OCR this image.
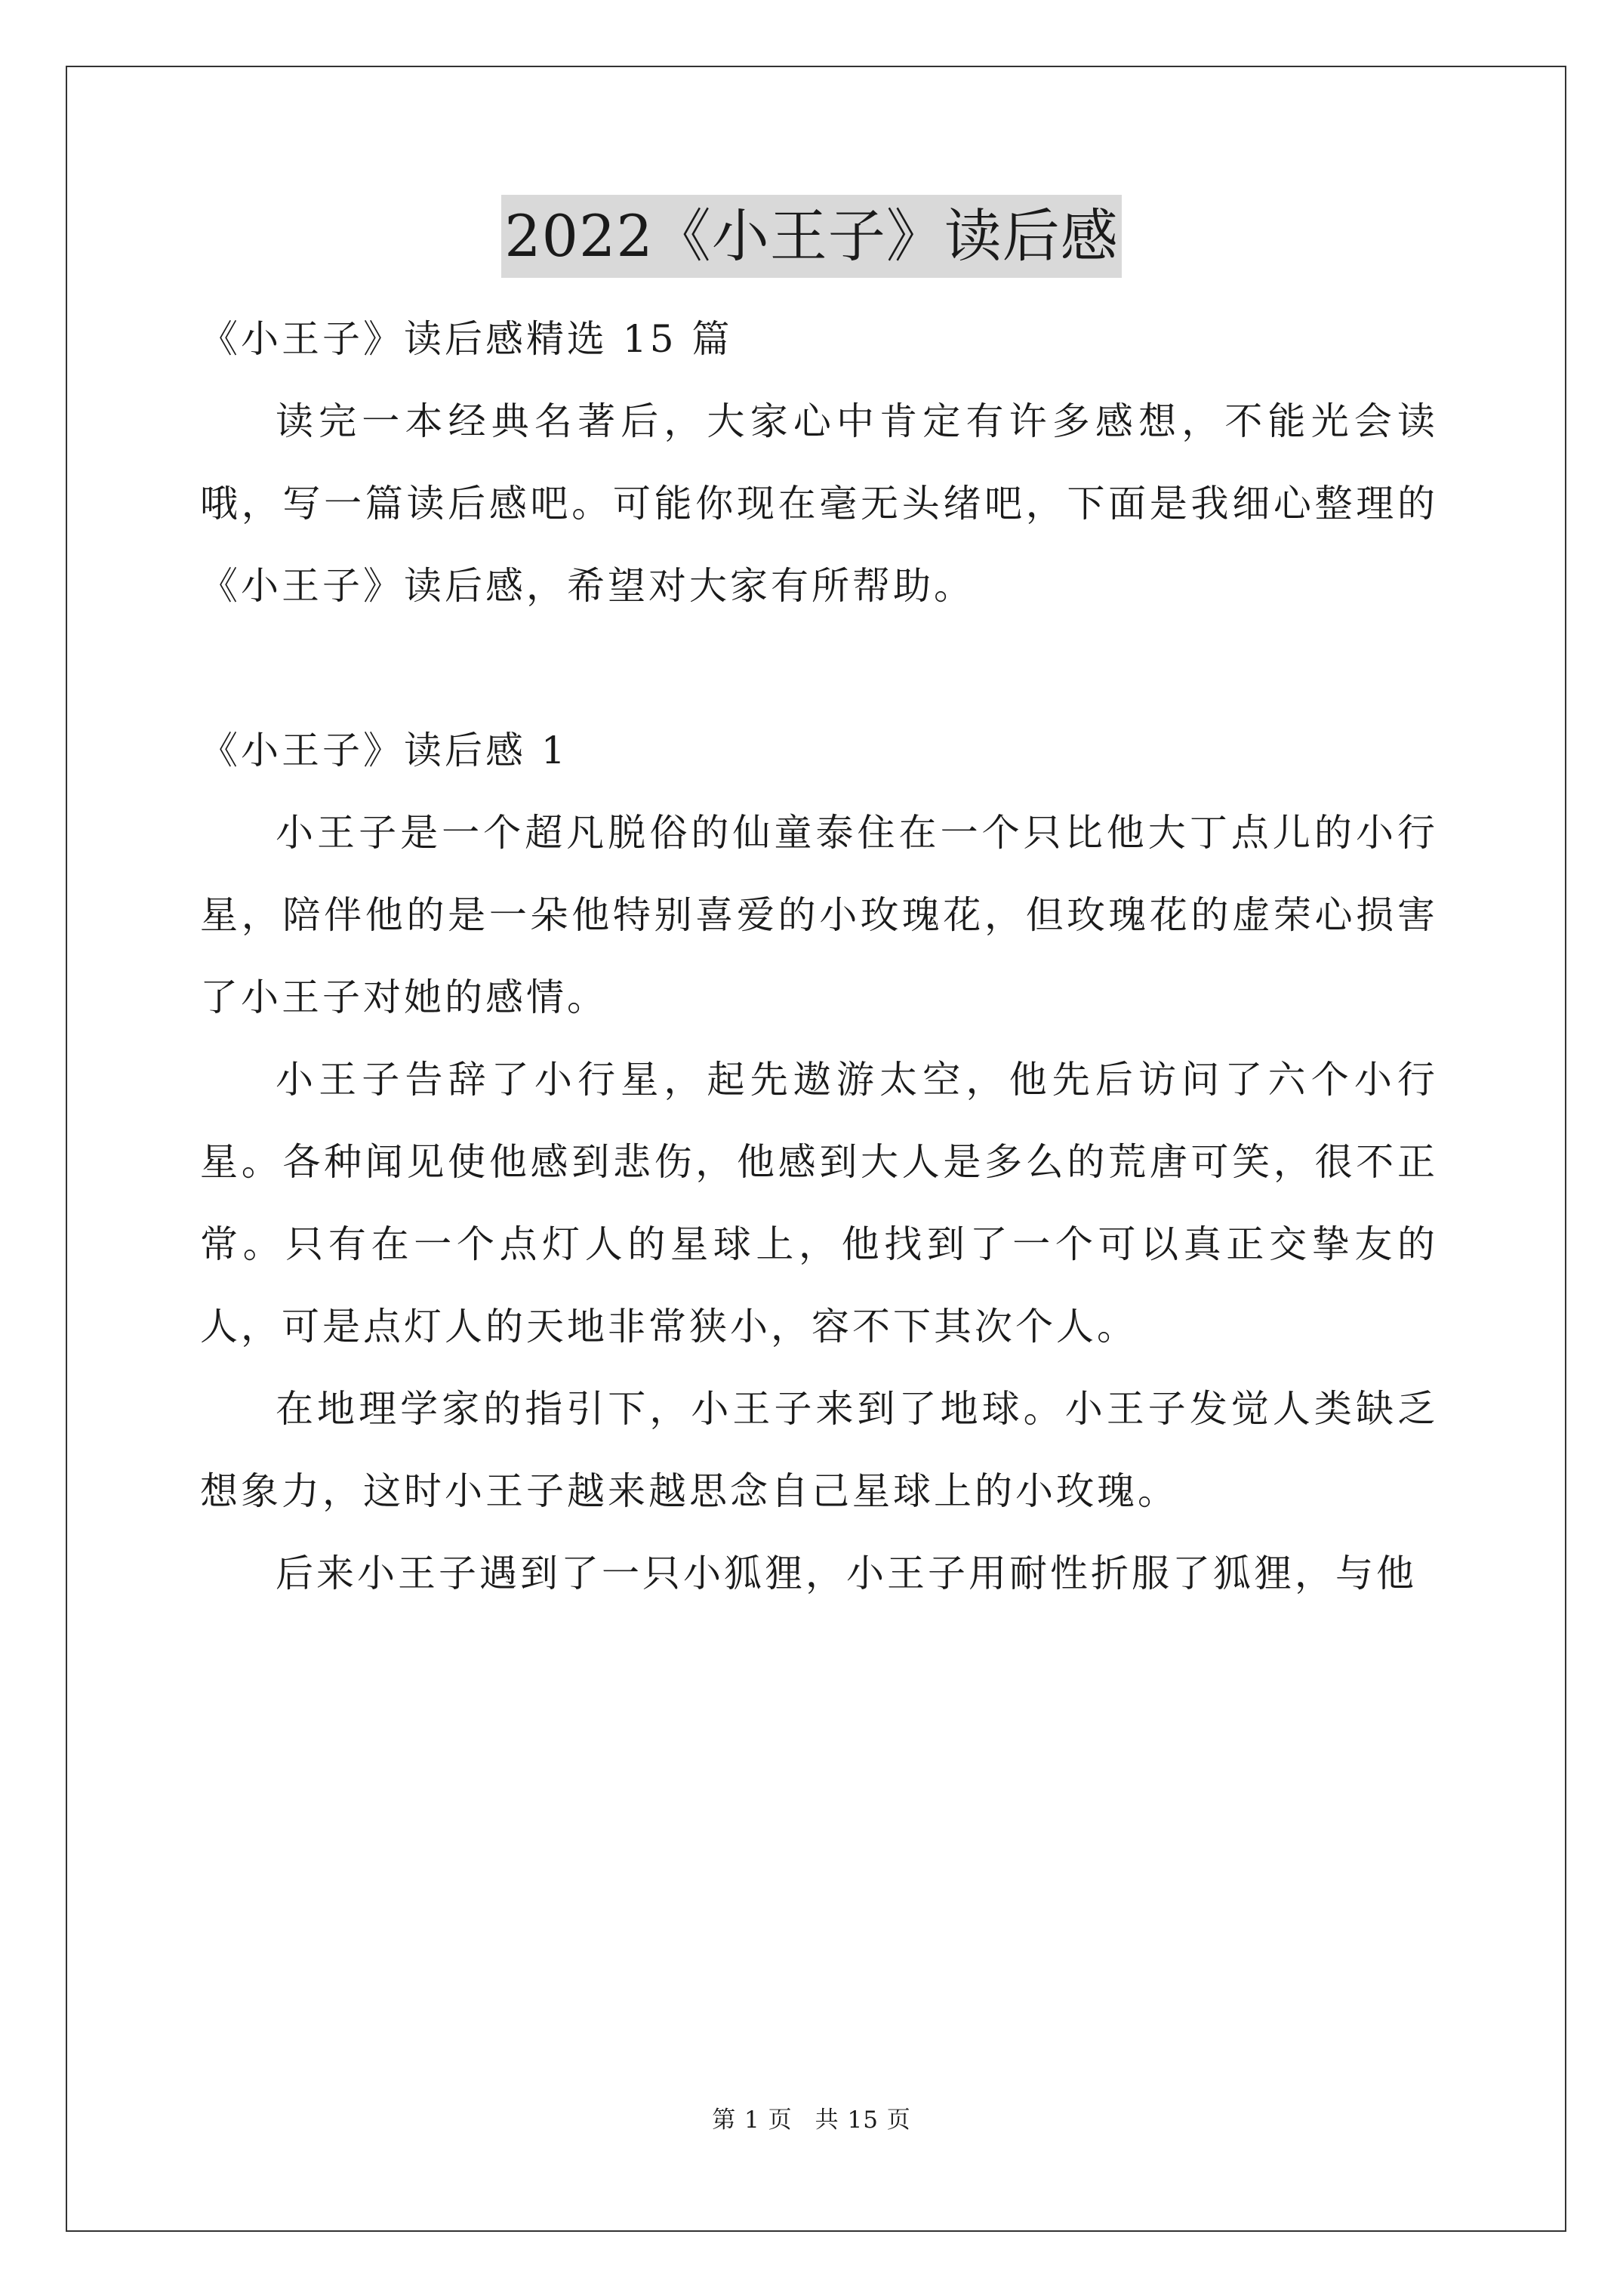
2022《小王子》读后感

《小王子》读后感精选 15 篇

读完一本经典名著后，大家心中肯定有许多感想，不能光会读哦，写一篇读后感吧。可能你现在毫无头绪吧，下面是我细心整理的《小王子》读后感，希望对大家有所帮助。

《小王子》读后感 1

小王子是一个超凡脱俗的仙童泰住在一个只比他大丁点儿的小行星，陪伴他的是一朵他特别喜爱的小玫瑰花，但玫瑰花的虚荣心损害了小王子对她的感情。

小王子告辞了小行星，起先遨游太空，他先后访问了六个小行星。各种闻见使他感到悲伤，他感到大人是多么的荒唐可笑，很不正常。只有在一个点灯人的星球上，他找到了一个可以真正交挚友的人，可是点灯人的天地非常狭小，容不下其次个人。

在地理学家的指引下，小王子来到了地球。小王子发觉人类缺乏想象力，这时小王子越来越思念自己星球上的小玫瑰。

后来小王子遇到了一只小狐狸，小王子用耐性折服了狐狸，与他

第 1 页 共 15 页
